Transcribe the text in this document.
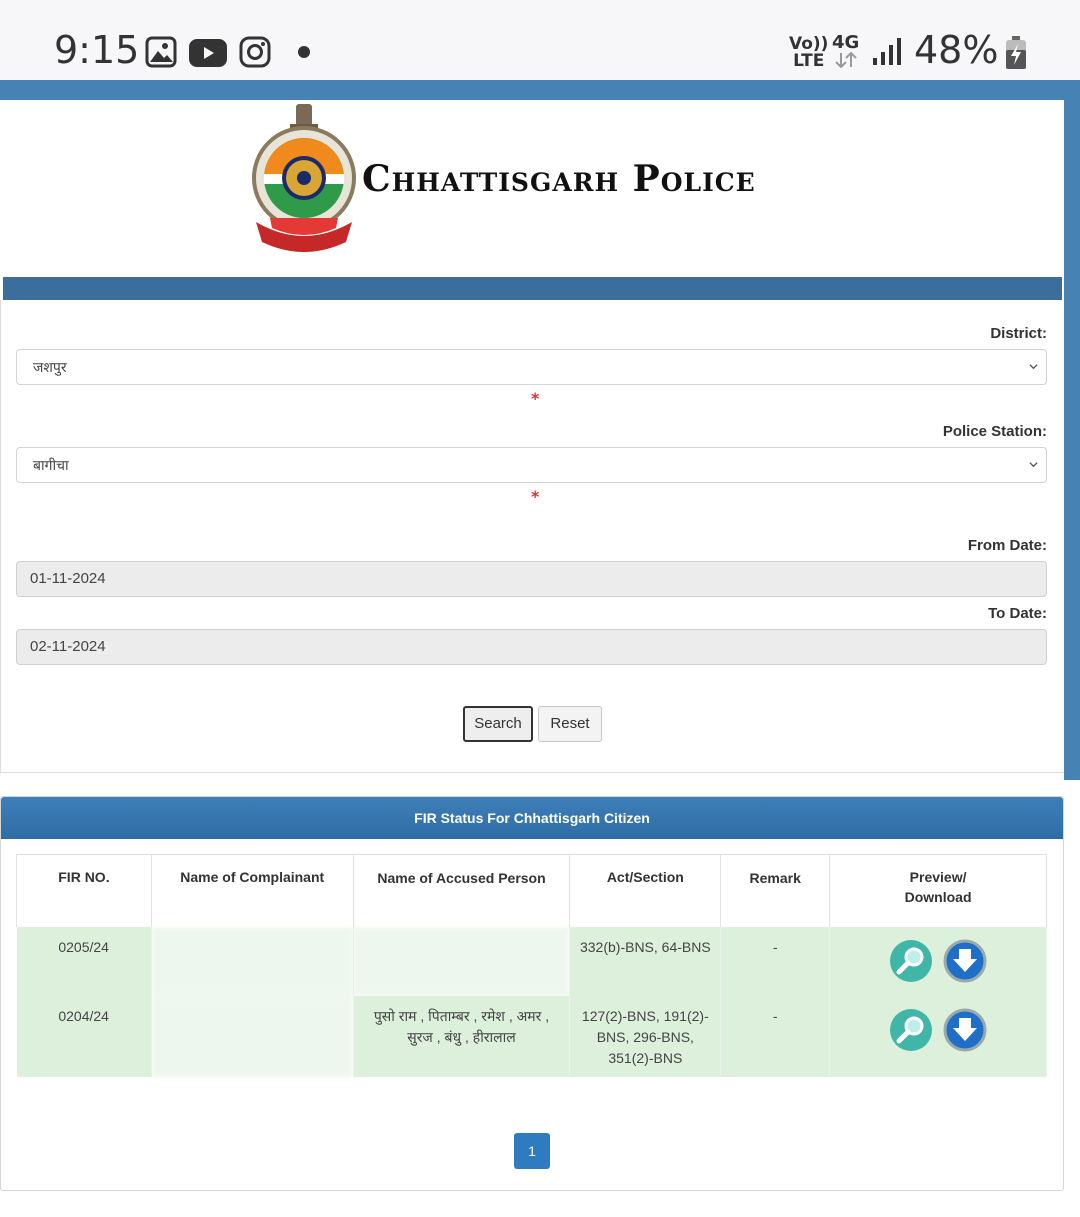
9:15	Vo))
LTE
4G 48%
Chhattisgarh Police
District:
जशपुर
*
Police Station:
बागीचा
*
From Date:
01-11-2024
To Date:
02-11-2024
Search	Reset
FIR Status For Chhattisgarh Citizen
FIR NO.	Name of Complainant	Name of Accused Person	Act/Section	Remark	Preview/
Download
0205/24			332(b)-BNS, 64-BNS	-	

0204/24		पुसो राम , पिताम्बर , रमेश , अमर , सुरज , बंधु , हीरालाल	127(2)-BNS, 191(2)-BNS, 296-BNS, 351(2)-BNS	-	
1
